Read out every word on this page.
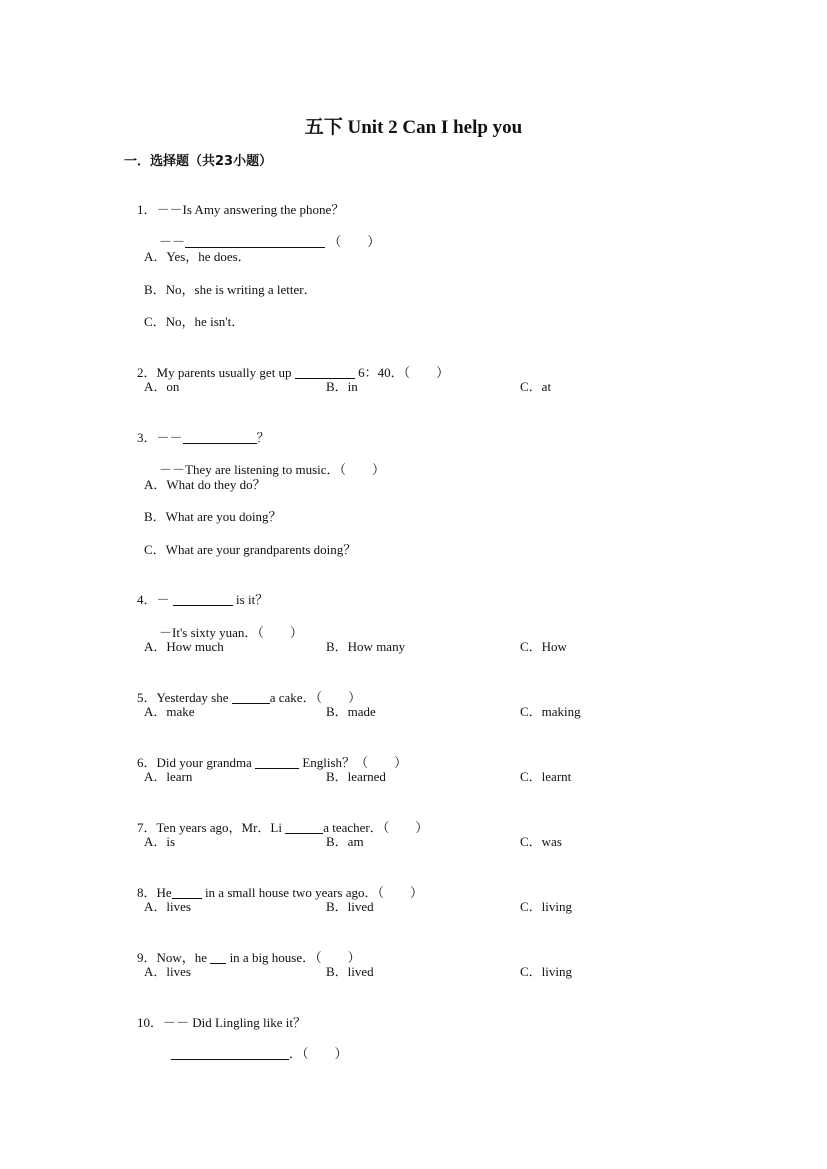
五下 Unit 2 Can I help you
一．选择题（共23小题）

1．－－Is Amy answering the phone？

－－	（　　）

A．Yes，he does．
B．No，she is writing a letter．
C．No，he isn't．

2．My parents usually get up	6：40．（　　）

A．on	B．in	C．at

3．－－	？

－－They are listening to music．（　　）

A．What do they do？
B．What are you doing？
C．What are your grandparents doing？

4．－	is it？

－It's sixty yuan．（　　）

A．How much	B．How many	C．How

5．Yesterday she	a cake．（　　）

A．make	B．made	C．making

6．Did your grandma	English？（　　）

A．learn	B．learned	C．learnt

7．Ten years ago，Mr．Li	a teacher．（　　）

A．is	B．am	C．was

8．He in a small house two years ago．（　　）

A．lives	B．lived	C．living

9．Now，he  in a big house．（　　）

A．lives	B．lived	C．living

10．－－ Did Lingling like it？

．（　　）
